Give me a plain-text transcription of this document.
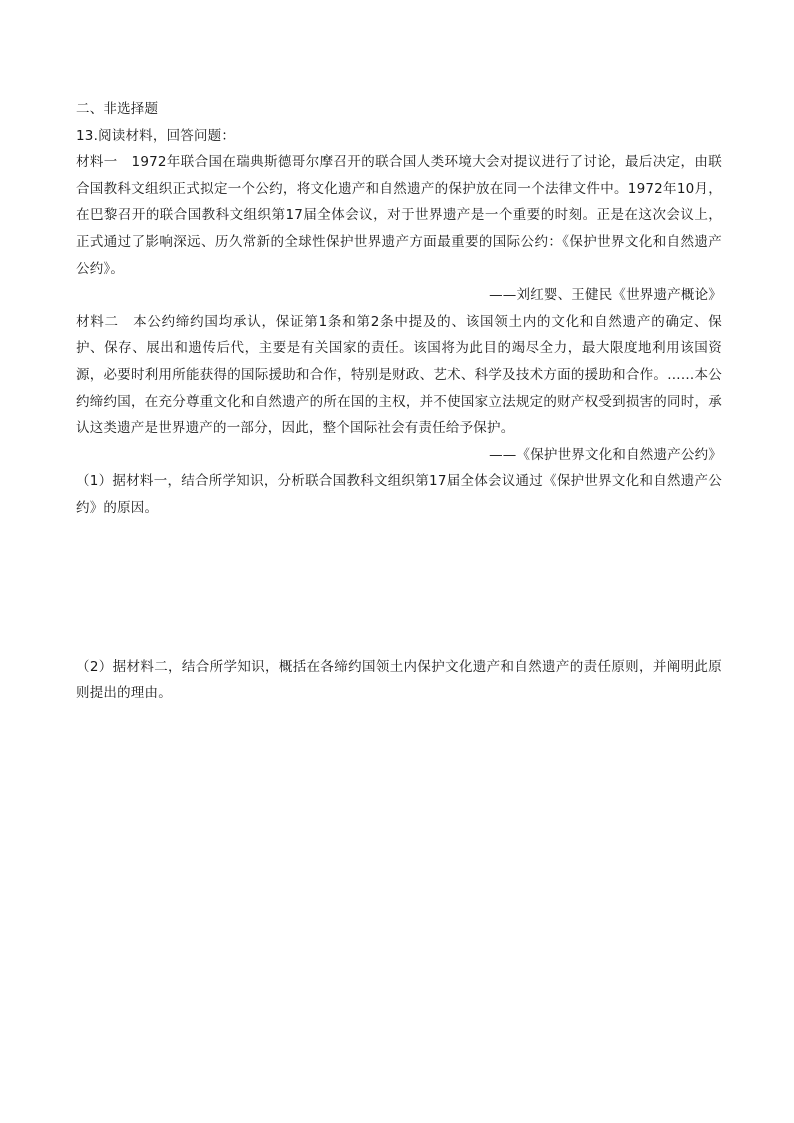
二、非选择题

13.阅读材料，回答问题：

材料一　1972年联合国在瑞典斯德哥尔摩召开的联合国人类环境大会对提议进行了讨论，最后决定，由联合国教科文组织正式拟定一个公约，将文化遗产和自然遗产的保护放在同一个法律文件中。1972年10月，在巴黎召开的联合国教科文组织第17届全体会议，对于世界遗产是一个重要的时刻。正是在这次会议上，正式通过了影响深远、历久常新的全球性保护世界遗产方面最重要的国际公约：《保护世界文化和自然遗产公约》。

——刘红婴、王健民《世界遗产概论》

材料二　本公约缔约国均承认，保证第1条和第2条中提及的、该国领土内的文化和自然遗产的确定、保护、保存、展出和遗传后代，主要是有关国家的责任。该国将为此目的竭尽全力，最大限度地利用该国资源，必要时利用所能获得的国际援助和合作，特别是财政、艺术、科学及技术方面的援助和合作。……本公约缔约国，在充分尊重文化和自然遗产的所在国的主权，并不使国家立法规定的财产权受到损害的同时，承认这类遗产是世界遗产的一部分，因此，整个国际社会有责任给予保护。

——《保护世界文化和自然遗产公约》

（1）据材料一，结合所学知识，分析联合国教科文组织第17届全体会议通过《保护世界文化和自然遗产公约》的原因。

（2）据材料二，结合所学知识，概括在各缔约国领土内保护文化遗产和自然遗产的责任原则，并阐明此原则提出的理由。
